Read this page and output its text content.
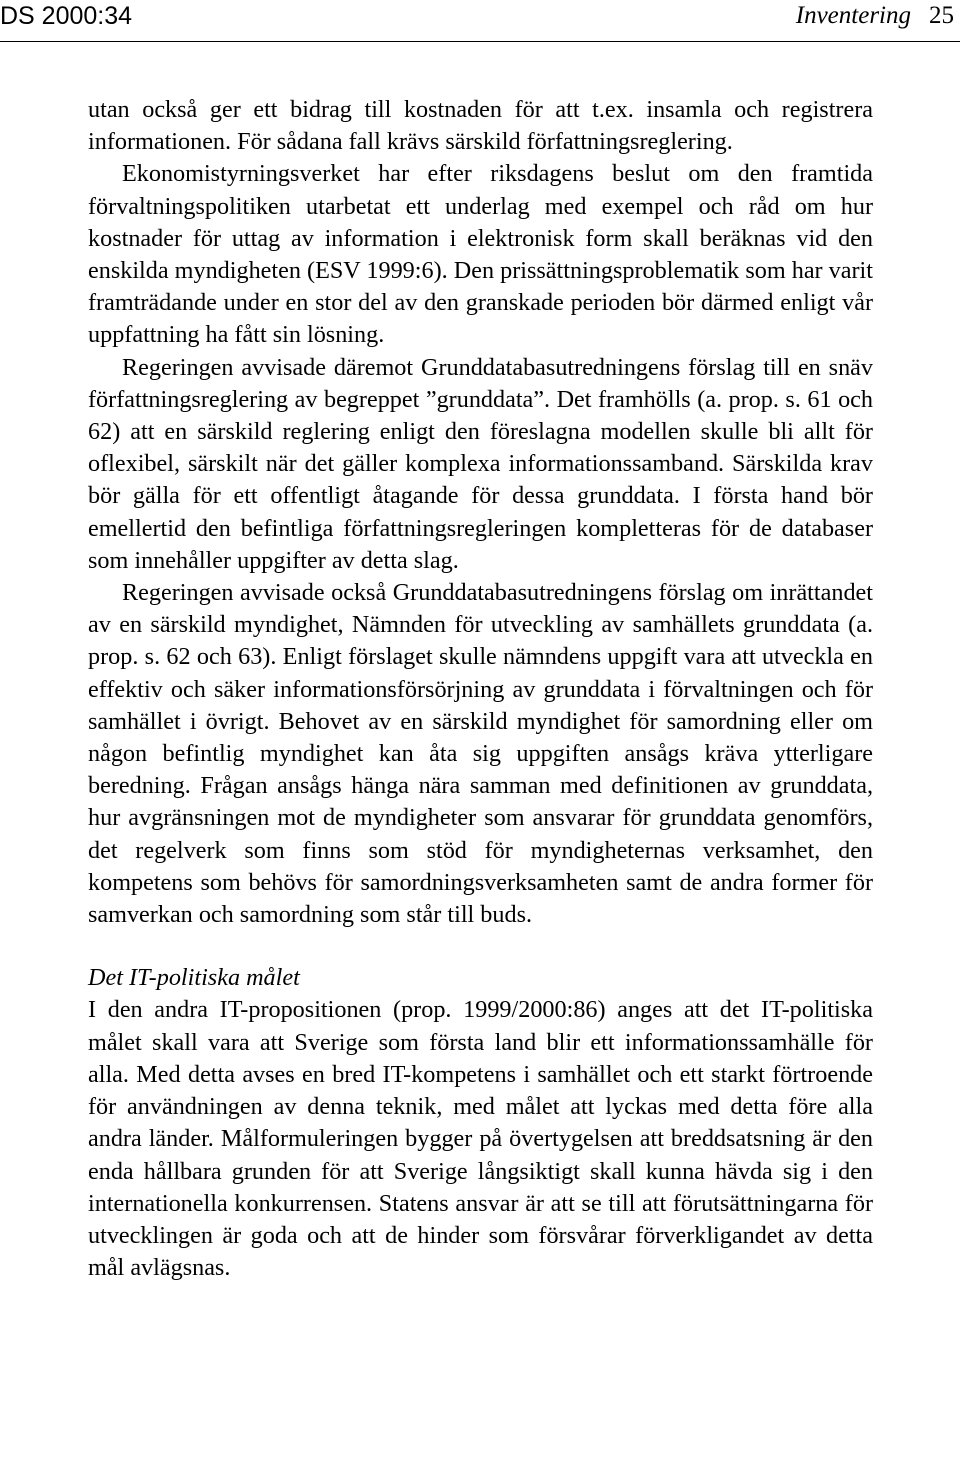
DS 2000:34	Inventering 25

utan också ger ett bidrag till kostnaden för att t.ex. insamla och registrera informationen. För sådana fall krävs särskild författningsreglering.

Ekonomistyrningsverket har efter riksdagens beslut om den framtida förvaltningspolitiken utarbetat ett underlag med exempel och råd om hur kostnader för uttag av information i elektronisk form skall beräknas vid den enskilda myndigheten (ESV 1999:6). Den prissättningsproblematik som har varit framträdande under en stor del av den granskade perioden bör därmed enligt vår uppfattning ha fått sin lösning.

Regeringen avvisade däremot Grunddatabasutredningens förslag till en snäv författningsreglering av begreppet ”grunddata”. Det framhölls (a. prop. s. 61 och 62) att en särskild reglering enligt den föreslagna modellen skulle bli allt för oflexibel, särskilt när det gäller komplexa informationssamband. Särskilda krav bör gälla för ett offentligt åtagande för dessa grunddata. I första hand bör emellertid den befintliga författningsregleringen kompletteras för de databaser som innehåller uppgifter av detta slag.

Regeringen avvisade också Grunddatabasutredningens förslag om inrättandet av en särskild myndighet, Nämnden för utveckling av samhällets grunddata (a. prop. s. 62 och 63). Enligt förslaget skulle nämndens uppgift vara att utveckla en effektiv och säker informationsförsörjning av grunddata i förvaltningen och för samhället i övrigt. Behovet av en särskild myndighet för samordning eller om någon befintlig myndighet kan åta sig uppgiften ansågs kräva ytterligare beredning. Frågan ansågs hänga nära samman med definitionen av grunddata, hur avgränsningen mot de myndigheter som ansvarar för grunddata genomförs, det regelverk som finns som stöd för myndigheternas verksamhet, den kompetens som behövs för samordningsverksamheten samt de andra former för samverkan och samordning som står till buds.

Det IT-politiska målet

I den andra IT-propositionen (prop. 1999/2000:86) anges att det IT-politiska målet skall vara att Sverige som första land blir ett informationssamhälle för alla. Med detta avses en bred IT-kompetens i samhället och ett starkt förtroende för användningen av denna teknik, med målet att lyckas med detta före alla andra länder. Målformuleringen bygger på övertygelsen att breddsatsning är den enda hållbara grunden för att Sverige långsiktigt skall kunna hävda sig i den internationella konkurrensen. Statens ansvar är att se till att förutsättningarna för utvecklingen är goda och att de hinder som försvårar förverkligandet av detta mål avlägsnas.
